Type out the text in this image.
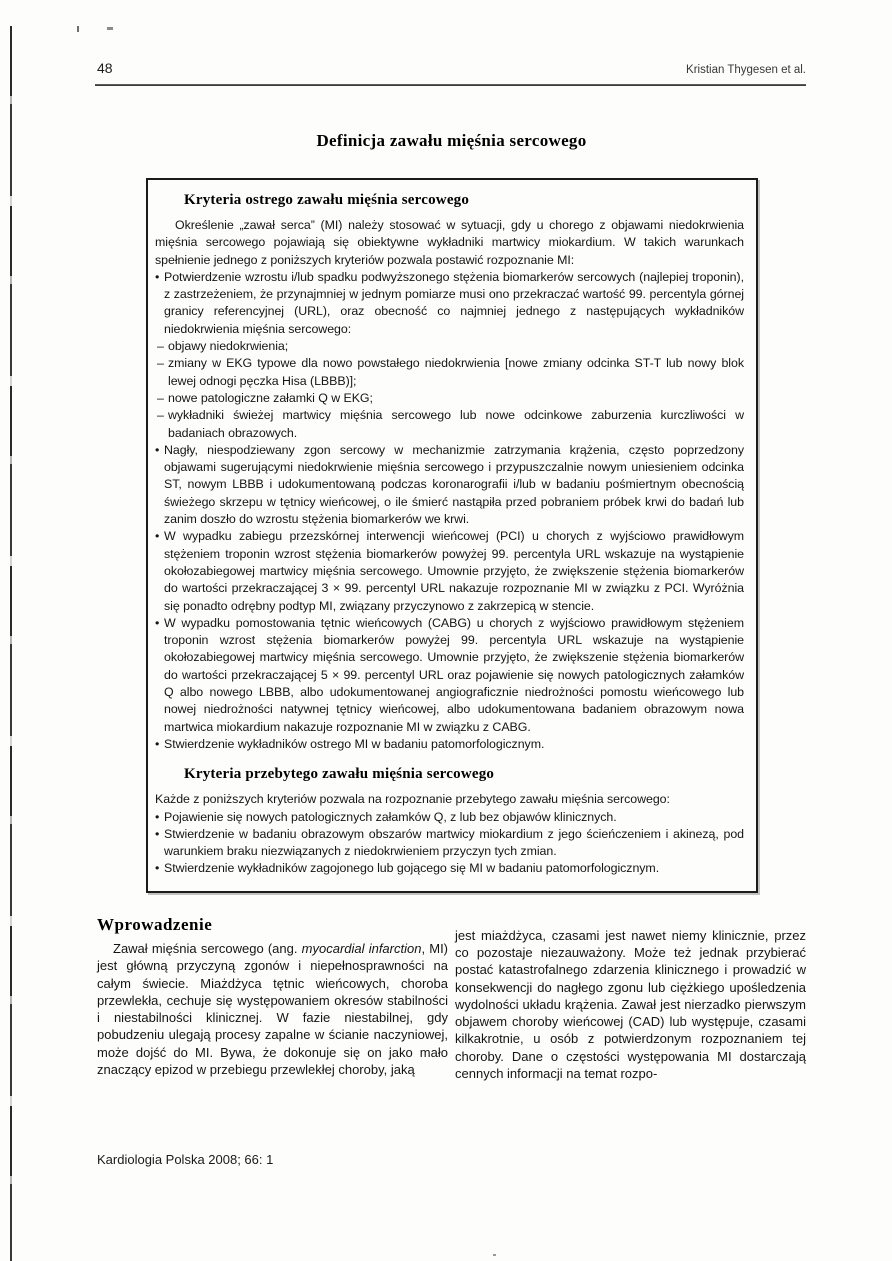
48	Kristian Thygesen et al.
Definicja zawału mięśnia sercowego
Kryteria ostrego zawału mięśnia sercowego

Określenie „zawał serca” (MI) należy stosować w sytuacji, gdy u chorego z objawami niedokrwienia mięśnia sercowego pojawiają się obiektywne wykładniki martwicy miokardium. W takich warunkach spełnienie jednego z poniższych kryteriów pozwala postawić rozpoznanie MI:

• Potwierdzenie wzrostu i/lub spadku podwyższonego stężenia biomarkerów sercowych (najlepiej troponin), z zastrzeżeniem, że przynajmniej w jednym pomiarze musi ono przekraczać wartość 99. percentyla górnej granicy referencyjnej (URL), oraz obecność co najmniej jednego z następujących wykładników niedokrwienia mięśnia sercowego:
– objawy niedokrwienia;
– zmiany w EKG typowe dla nowo powstałego niedokrwienia [nowe zmiany odcinka ST-T lub nowy blok lewej odnogi pęczka Hisa (LBBB)];
– nowe patologiczne załamki Q w EKG;
– wykładniki świeżej martwicy mięśnia sercowego lub nowe odcinkowe zaburzenia kurczliwości w badaniach obrazowych.
• Nagły, niespodziewany zgon sercowy w mechanizmie zatrzymania krążenia, często poprzedzony objawami sugerującymi niedokrwienie mięśnia sercowego i przypuszczalnie nowym uniesieniem odcinka ST, nowym LBBB i udokumentowaną podczas koronarografii i/lub w badaniu pośmiertnym obecnością świeżego skrzepu w tętnicy wieńcowej, o ile śmierć nastąpiła przed pobraniem próbek krwi do badań lub zanim doszło do wzrostu stężenia biomarkerów we krwi.
• W wypadku zabiegu przezskórnej interwencji wieńcowej (PCI) u chorych z wyjściowo prawidłowym stężeniem troponin wzrost stężenia biomarkerów powyżej 99. percentyla URL wskazuje na wystąpienie okołozabiegowej martwicy mięśnia sercowego. Umownie przyjęto, że zwiększenie stężenia biomarkerów do wartości przekraczającej 3 × 99. percentyl URL nakazuje rozpoznanie MI w związku z PCI. Wyróżnia się ponadto odrębny podtyp MI, związany przyczynowo z zakrzepicą w stencie.
• W wypadku pomostowania tętnic wieńcowych (CABG) u chorych z wyjściowo prawidłowym stężeniem troponin wzrost stężenia biomarkerów powyżej 99. percentyla URL wskazuje na wystąpienie okołozabiegowej martwicy mięśnia sercowego. Umownie przyjęto, że zwiększenie stężenia biomarkerów do wartości przekraczającej 5 × 99. percentyl URL oraz pojawienie się nowych patologicznych załamków Q albo nowego LBBB, albo udokumentowanej angiograficznie niedrożności pomostu wieńcowego lub nowej niedrożności natywnej tętnicy wieńcowej, albo udokumentowana badaniem obrazowym nowa martwica miokardium nakazuje rozpoznanie MI w związku z CABG.
• Stwierdzenie wykładników ostrego MI w badaniu patomorfologicznym.
Kryteria przebytego zawału mięśnia sercowego

Każde z poniższych kryteriów pozwala na rozpoznanie przebytego zawału mięśnia sercowego:

• Pojawienie się nowych patologicznych załamków Q, z lub bez objawów klinicznych.
• Stwierdzenie w badaniu obrazowym obszarów martwicy miokardium z jego ścieńczeniem i akinezą, pod warunkiem braku niezwiązanych z niedokrwieniem przyczyn tych zmian.
• Stwierdzenie wykładników zagojonego lub gojącego się MI w badaniu patomorfologicznym.
Wprowadzenie

Zawał mięśnia sercowego (ang. myocardial infarction, MI) jest główną przyczyną zgonów i niepełnosprawności na całym świecie. Miażdżyca tętnic wieńcowych, choroba przewlekła, cechuje się występowaniem okresów stabilności i niestabilności klinicznej. W fazie niestabilnej, gdy pobudzeniu ulegają procesy zapalne w ścianie naczyniowej, może dojść do MI. Bywa, że dokonuje się on jako mało znaczący epizod w przebiegu przewlekłej choroby, jaką

jest miażdżyca, czasami jest nawet niemy klinicznie, przez co pozostaje niezauważony. Może też jednak przybierać postać katastrofalnego zdarzenia klinicznego i prowadzić w konsekwencji do nagłego zgonu lub ciężkiego upośledzenia wydolności układu krążenia. Zawał jest nierzadko pierwszym objawem choroby wieńcowej (CAD) lub występuje, czasami kilkakrotnie, u osób z potwierdzonym rozpoznaniem tej choroby. Dane o częstości występowania MI dostarczają cennych informacji na temat rozpo-

Kardiologia Polska 2008; 66: 1
